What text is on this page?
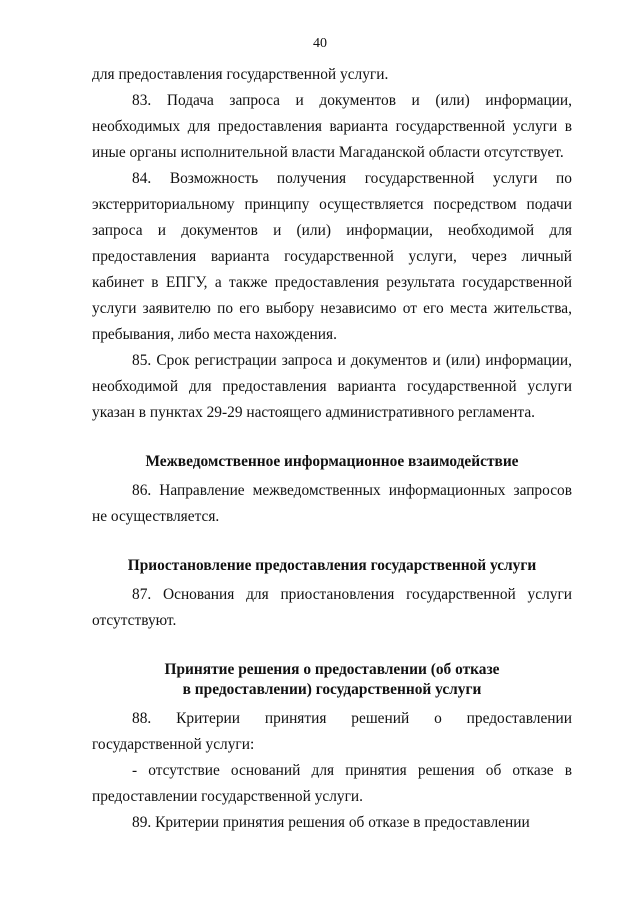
40

для предоставления государственной услуги.

83. Подача запроса и документов и (или) информации, необходимых для предоставления варианта государственной услуги в иные органы исполнительной власти Магаданской области отсутствует.

84. Возможность получения государственной услуги по экстерриториальному принципу осуществляется посредством подачи запроса и документов и (или) информации, необходимой для предоставления варианта государственной услуги, через личный кабинет в ЕПГУ, а также предоставления результата государственной услуги заявителю по его выбору независимо от его места жительства, пребывания, либо места нахождения.

85. Срок регистрации запроса и документов и (или) информации, необходимой для предоставления варианта государственной услуги указан в пунктах 29-29 настоящего административного регламента.

Межведомственное информационное взаимодействие

86. Направление межведомственных информационных запросов не осуществляется.

Приостановление предоставления государственной услуги

87. Основания для приостановления государственной услуги отсутствуют.

Принятие решения о предоставлении (об отказе в предоставлении) государственной услуги

88. Критерии принятия решений о предоставлении государственной услуги:

- отсутствие оснований для принятия решения об отказе в предоставлении государственной услуги.

89. Критерии принятия решения об отказе в предоставлении
